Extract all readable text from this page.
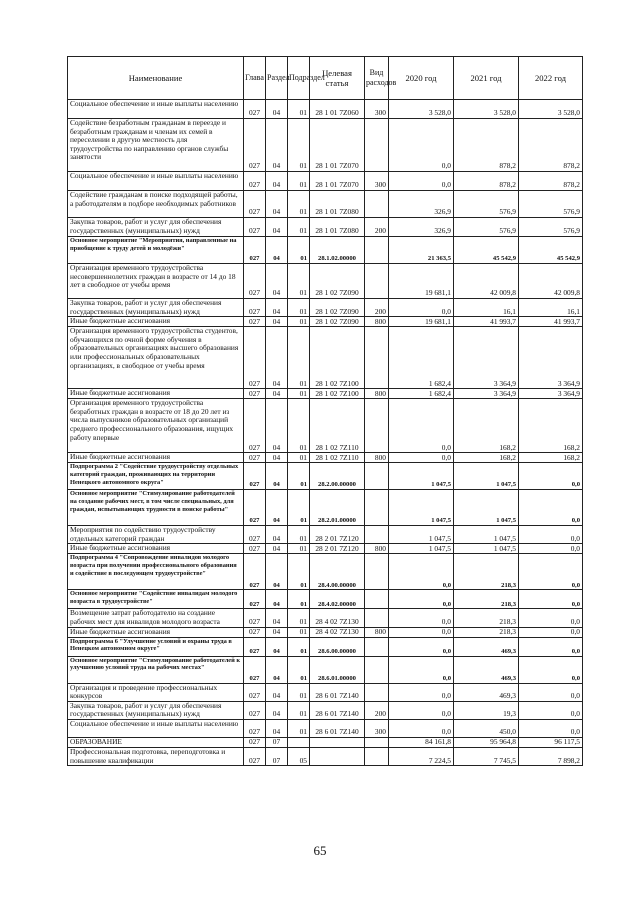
Наименование	Глава	Раздел	Подраздел	Целевая статья	Вид расходов	2020 год	2021 год	2022 год
Социальное обеспечение и иные выплаты населению	027	04	01	28 1 01 7Z060	300	3 528,0	3 528,0	3 528,0
Содействие безработным гражданам в переезде и безработным гражданам и членам их семей в переселении в другую местность для трудоустройства по направлению органов службы занятости	027	04	01	28 1 01 7Z070		0,0	878,2	878,2
Социальное обеспечение и иные выплаты населению	027	04	01	28 1 01 7Z070	300	0,0	878,2	878,2
Содействие гражданам в поиске подходящей работы, а работодателям в подборе необходимых работников	027	04	01	28 1 01 7Z080		326,9	576,9	576,9
Закупка товаров, работ и услуг для обеспечения государственных (муниципальных) нужд	027	04	01	28 1 01 7Z080	200	326,9	576,9	576,9
Основное мероприятие "Мероприятия, направленные на приобщение к труду детей и молодёжи"	027	04	01	28.1.02.00000		21 363,5	45 542,9	45 542,9
Организация временного трудоустройства несовершеннолетних граждан в возрасте от 14 до 18 лет в свободное от учебы время	027	04	01	28 1 02 7Z090		19 681,1	42 009,8	42 009,8
Закупка товаров, работ и услуг для обеспечения государственных (муниципальных) нужд	027	04	01	28 1 02 7Z090	200	0,0	16,1	16,1
Иные бюджетные ассигнования	027	04	01	28 1 02 7Z090	800	19 681,1	41 993,7	41 993,7
Организация временного трудоустройства студентов, обучающихся по очной форме обучения в образовательных организациях высшего образования или профессиональных образовательных организациях, в свободное от учебы время	027	04	01	28 1 02 7Z100		1 682,4	3 364,9	3 364,9
Иные бюджетные ассигнования	027	04	01	28 1 02 7Z100	800	1 682,4	3 364,9	3 364,9
Организация временного трудоустройства безработных граждан в возрасте от 18 до 20 лет из числа выпускников образовательных организаций среднего профессионального образования, ищущих работу впервые	027	04	01	28 1 02 7Z110		0,0	168,2	168,2
Иные бюджетные ассигнования	027	04	01	28 1 02 7Z110	800	0,0	168,2	168,2
Подпрограмма 2 "Содействие трудоустройству отдельных категорий граждан, проживающих на территории Ненецкого автономного округа"	027	04	01	28.2.00.00000		1 047,5	1 047,5	0,0
Основное мероприятие "Стимулирование работодателей на создание рабочих мест, в том числе специальных, для граждан, испытывающих трудности в поиске работы"	027	04	01	28.2.01.00000		1 047,5	1 047,5	0,0
Мероприятия по содействию трудоустройству отдельных категорий граждан	027	04	01	28 2 01 7Z120		1 047,5	1 047,5	0,0
Иные бюджетные ассигнования	027	04	01	28 2 01 7Z120	800	1 047,5	1 047,5	0,0
Подпрограмма 4 "Сопровождение инвалидов молодого возраста при получении профессионального образования и содействие в последующем трудоустройстве"	027	04	01	28.4.00.00000		0,0	218,3	0,0
Основное мероприятие "Содействие инвалидам молодого возраста в трудоустройстве"	027	04	01	28.4.02.00000		0,0	218,3	0,0
Возмещение затрат работодателю на создание рабочих мест для инвалидов молодого возраста	027	04	01	28 4 02 7Z130		0,0	218,3	0,0
Иные бюджетные ассигнования	027	04	01	28 4 02 7Z130	800	0,0	218,3	0,0
Подпрограмма 6 "Улучшение условий и охраны труда в Ненецком автономном округе"	027	04	01	28.6.00.00000		0,0	469,3	0,0
Основное мероприятие "Стимулирование работодателей к улучшению условий труда на рабочих местах"	027	04	01	28.6.01.00000		0,0	469,3	0,0
Организация и проведение профессиональных конкурсов	027	04	01	28 6 01 7Z140		0,0	469,3	0,0
Закупка товаров, работ и услуг для обеспечения государственных (муниципальных) нужд	027	04	01	28 6 01 7Z140	200	0,0	19,3	0,0
Социальное обеспечение и иные выплаты населению	027	04	01	28 6 01 7Z140	300	0,0	450,0	0,0
ОБРАЗОВАНИЕ	027	07				84 161,8	95 964,8	96 117,5
Профессиональная подготовка, переподготовка и повышение квалификации	027	07	05			7 224,5	7 745,5	7 898,2
65
